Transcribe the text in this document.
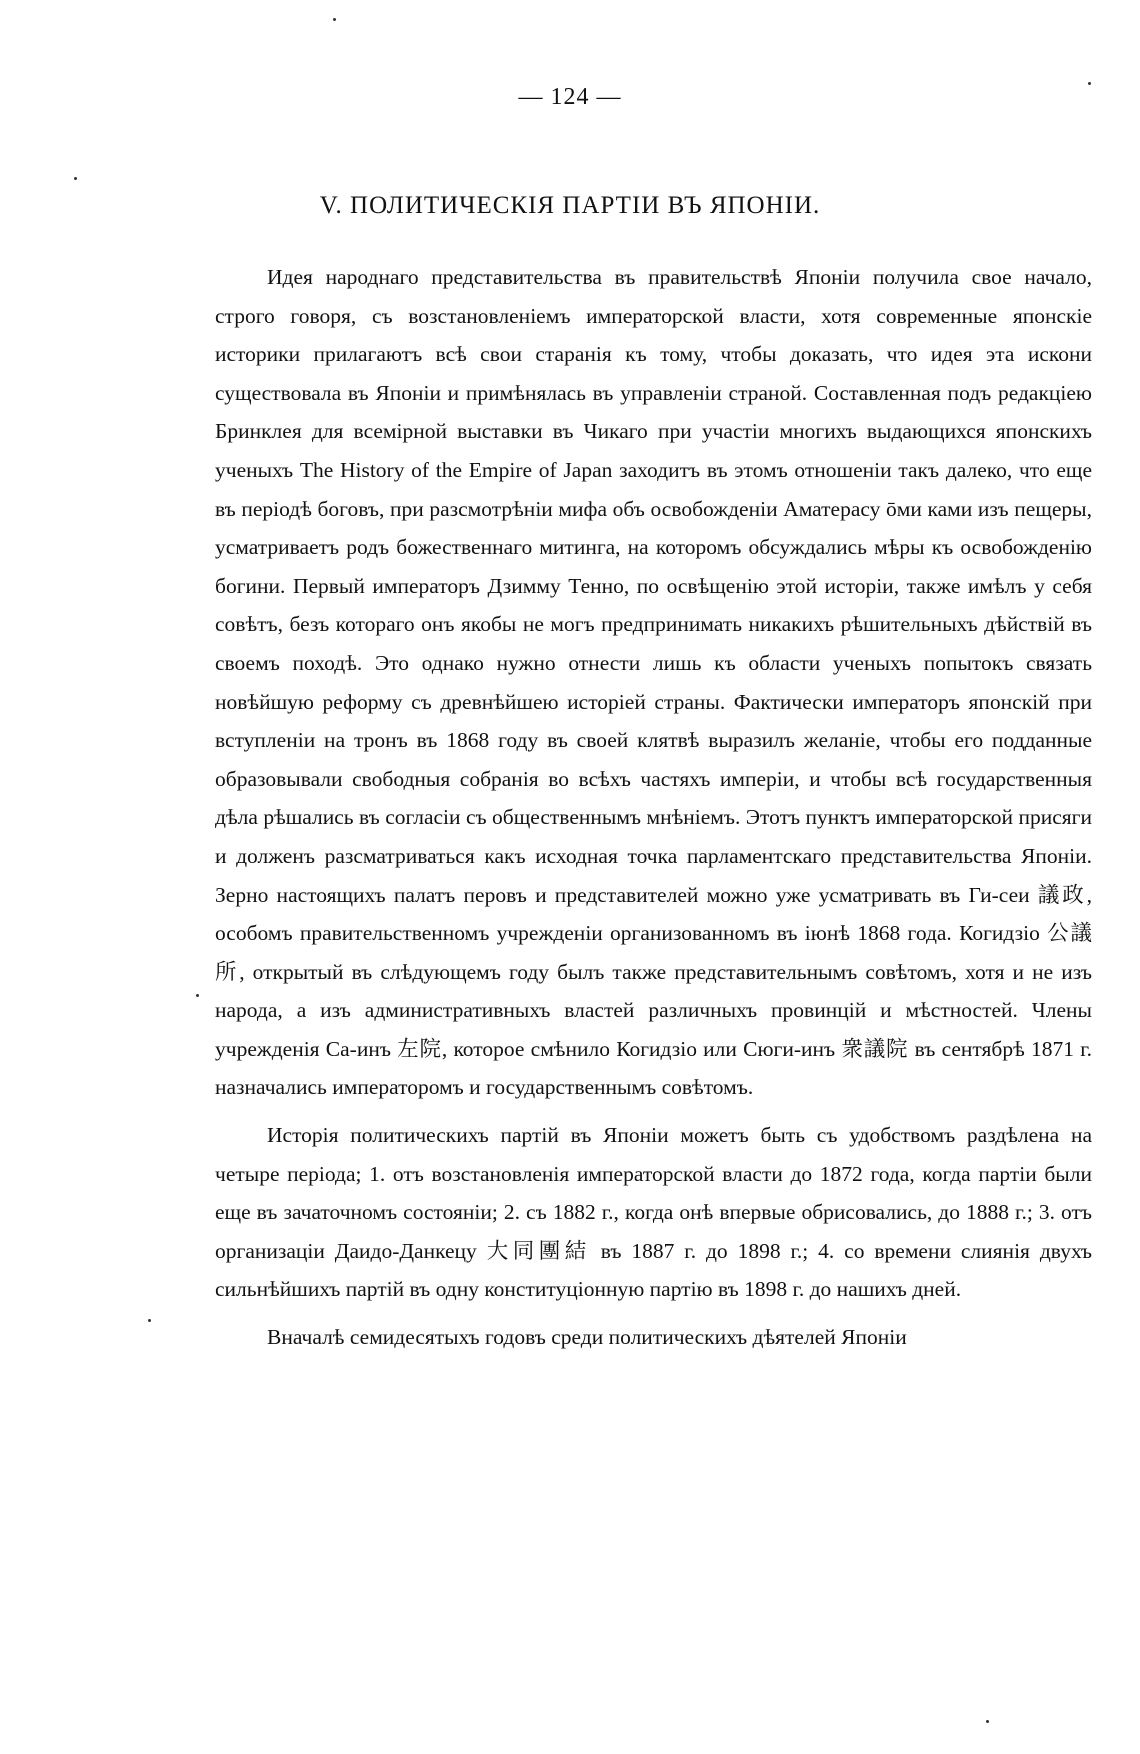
— 124 —
V. ПОЛИТИЧЕСКІЯ ПАРТІИ ВЪ ЯПОНІИ.

Идея народнаго представительства въ правительствѣ Японіи получила свое начало, строго говоря, съ возстановленіемъ императорской власти, хотя современные японскіе историки прилагаютъ всѣ свои старанія къ тому, чтобы доказать, что идея эта искони существовала въ Японіи и примѣнялась въ управленіи страной. Составленная подъ редакціею Бринклея для всемірной выставки въ Чикаго при участіи многихъ выдающихся японскихъ ученыхъ The History of the Empire of Japan заходитъ въ этомъ отношеніи такъ далеко, что еще въ періодѣ боговъ, при разсмотрѣніи мифа объ освобожденіи Аматерасу ōми ками изъ пещеры, усматриваетъ родъ божественнаго митинга, на которомъ обсуждались мѣры къ освобожденію богини. Первый императоръ Дзимму Тенно, по освѣщенію этой исторіи, также имѣлъ у себя совѣтъ, безъ котораго онъ якобы не могъ предпринимать никакихъ рѣшительныхъ дѣйствій въ своемъ походѣ. Это однако нужно отнести лишь къ области ученыхъ попытокъ связать новѣйшую реформу съ древнѣйшею исторіей страны. Фактически императоръ японскій при вступленіи на тронъ въ 1868 году въ своей клятвѣ выразилъ желаніе, чтобы его подданные образовывали свободныя собранія во всѣхъ частяхъ имперіи, и чтобы всѣ государственныя дѣла рѣшались въ согласіи съ общественнымъ мнѣніемъ. Этотъ пунктъ императорской присяги и долженъ разсматриваться какъ исходная точка парламентскаго представительства Японіи. Зерно настоящихъ палатъ перовъ и представителей можно уже усматривать въ Ги-сеи 議政, особомъ правительственномъ учрежденіи организованномъ въ іюнѣ 1868 года. Когидзіо 公議所, открытый въ слѣдующемъ году былъ также представительнымъ совѣтомъ, хотя и не изъ народа, а изъ административныхъ властей различныхъ провинцій и мѣстностей. Члены учрежденія Са-инъ 左院, которое смѣнило Когидзіо или Сюги-инъ 衆議院 въ сентябрѣ 1871 г. назначались императоромъ и государственнымъ совѣтомъ.

Исторія политическихъ партій въ Японіи можетъ быть съ удобствомъ раздѣлена на четыре періода; 1. отъ возстановленія императорской власти до 1872 года, когда партіи были еще въ зачаточномъ состояніи; 2. съ 1882 г., когда онѣ впервые обрисовались, до 1888 г.; 3. отъ организаціи Даидо-Данкецу 大同團結 въ 1887 г. до 1898 г.; 4. со времени слиянія двухъ сильнѣйшихъ партій въ одну конституціонную партію въ 1898 г. до нашихъ дней.

Вначалѣ семидесятыхъ годовъ среди политическихъ дѣятелей Японіи
